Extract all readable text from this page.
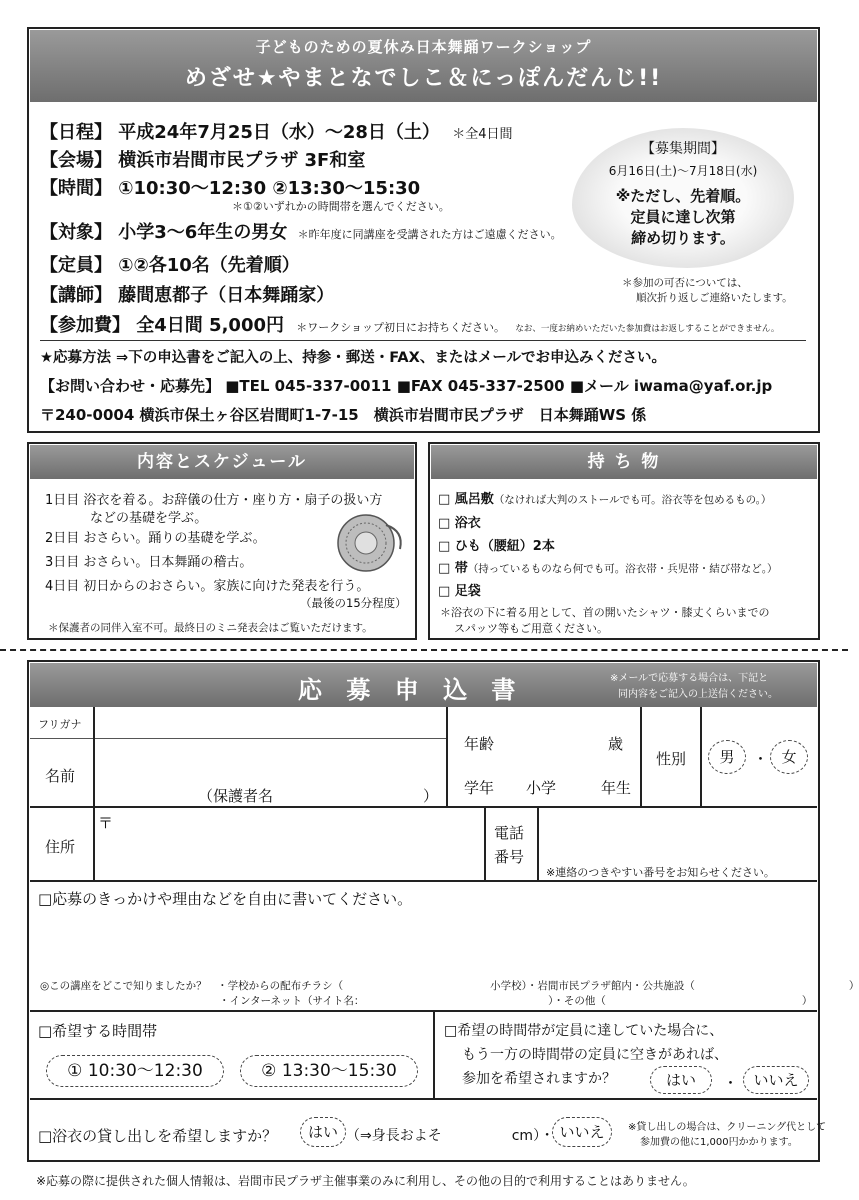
子どものための夏休み日本舞踊ワークショップ
めざせ★やまとなでしこ＆にっぽんだんじ!!
【日程】 平成24年7月25日（水）～28日（土） ＊全4日間
【会場】 横浜市岩間市民プラザ 3F和室
【時間】 ①10:30～12:30 ②13:30～15:30
＊①②いずれかの時間帯を選んでください。
【対象】 小学3～6年生の男女 ＊昨年度に同講座を受講された方はご遠慮ください。
【定員】 ①②各10名（先着順）
【講師】 藤間恵都子（日本舞踊家）
【参加費】 全4日間 5,000円 ＊ワークショップ初日にお持ちください。 なお、一度お納めいただいた参加費はお返しすることができません。
【募集期間】
6月16日(土)～7月18日(水)
※ただし、先着順。
定員に達し次第
締め切ります。
＊参加の可否については、
順次折り返しご連絡いたします。
★応募方法 ⇒下の申込書をご記入の上、持参・郵送・FAX、またはメールでお申込みください。
【お問い合わせ・応募先】 ■TEL 045-337-0011 ■FAX 045-337-2500 ■メール iwama@yaf.or.jp
〒240-0004 横浜市保土ヶ谷区岩間町1-7-15　横浜市岩間市民プラザ　日本舞踊WS 係
内容とスケジュール
1日目 浴衣を着る。お辞儀の仕方・座り方・扇子の扱い方
などの基礎を学ぶ。
2日目 おさらい。踊りの基礎を学ぶ。
3日目 おさらい。日本舞踊の稽古。
4日目 初日からのおさらい。家族に向けた発表を行う。
（最後の15分程度）
＊保護者の同伴入室不可。最終日のミニ発表会はご覧いただけます。
持 ち 物
□ 風呂敷（なければ大判のストールでも可。浴衣等を包めるもの。）
□ 浴衣
□ ひも（腰紐）2本
□ 帯（持っているものなら何でも可。浴衣帯・兵児帯・結び帯など。）
□ 足袋
＊浴衣の下に着る用として、首の開いたシャツ・膝丈くらいまでの
スパッツ等もご用意ください。
応 募 申 込 書	※メールで応募する場合は、下記と
同内容をご記入の上送信ください。
フリガナ
名前
（保護者名	）
年齢	歳
学年 小学	年生
性別	男	・ 女
住所
〒
電話
番号
※連絡のつきやすい番号をお知らせください。
□応募のきっかけや理由などを自由に書いてください。
◎この講座をどこで知りましたか？　・学校からの配布チラシ（　　　　　　　　　　　　　　小学校）・岩間市民プラザ館内・公共施設（	）
・インターネット（サイト名：　　　　　　　　　　　　　　　　　　）・その他（	）
□希望する時間帯
① 10:30～12:30	② 13:30～15:30
□希望の時間帯が定員に達していた場合に、
もう一方の時間帯の定員に空きがあれば、
参加を希望されますか？	はい	・	いいえ
□浴衣の貸し出しを希望しますか？	はい （⇒身長およそ　　　　　cm）・ いいえ	※貸し出しの場合は、クリーニング代として
参加費の他に1,000円かかります。
※応募の際に提供された個人情報は、岩間市民プラザ主催事業のみに利用し、その他の目的で利用することはありません。
